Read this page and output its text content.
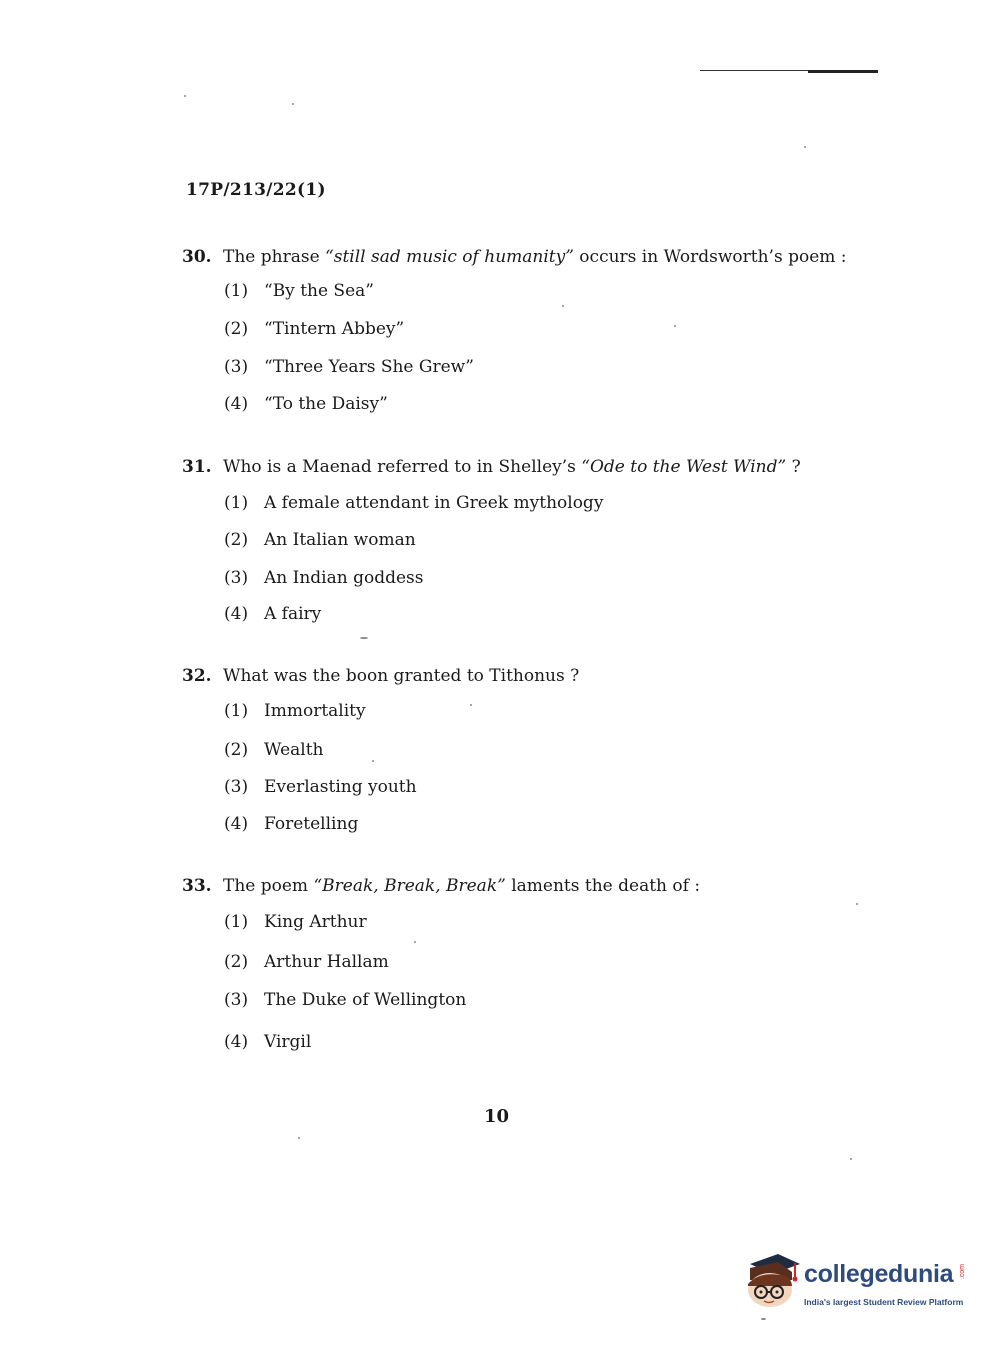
17P/213/22(1)
30. The phrase “still sad music of humanity” occurs in Wordsworth’s poem :
(1) “By the Sea”
(2) “Tintern Abbey”
(3) “Three Years She Grew”
(4) “To the Daisy”
31. Who is a Maenad referred to in Shelley’s “Ode to the West Wind” ?
(1) A female attendant in Greek mythology
(2) An Italian woman
(3) An Indian goddess
(4) A fairy
32. What was the boon granted to Tithonus ?
(1) Immortality
(2) Wealth
(3) Everlasting youth
(4) Foretelling
33. The poem “Break, Break, Break” laments the death of :
(1) King Arthur
(2) Arthur Hallam
(3) The Duke of Wellington
(4) Virgil
10
collegedunia .com
India's largest Student Review Platform
